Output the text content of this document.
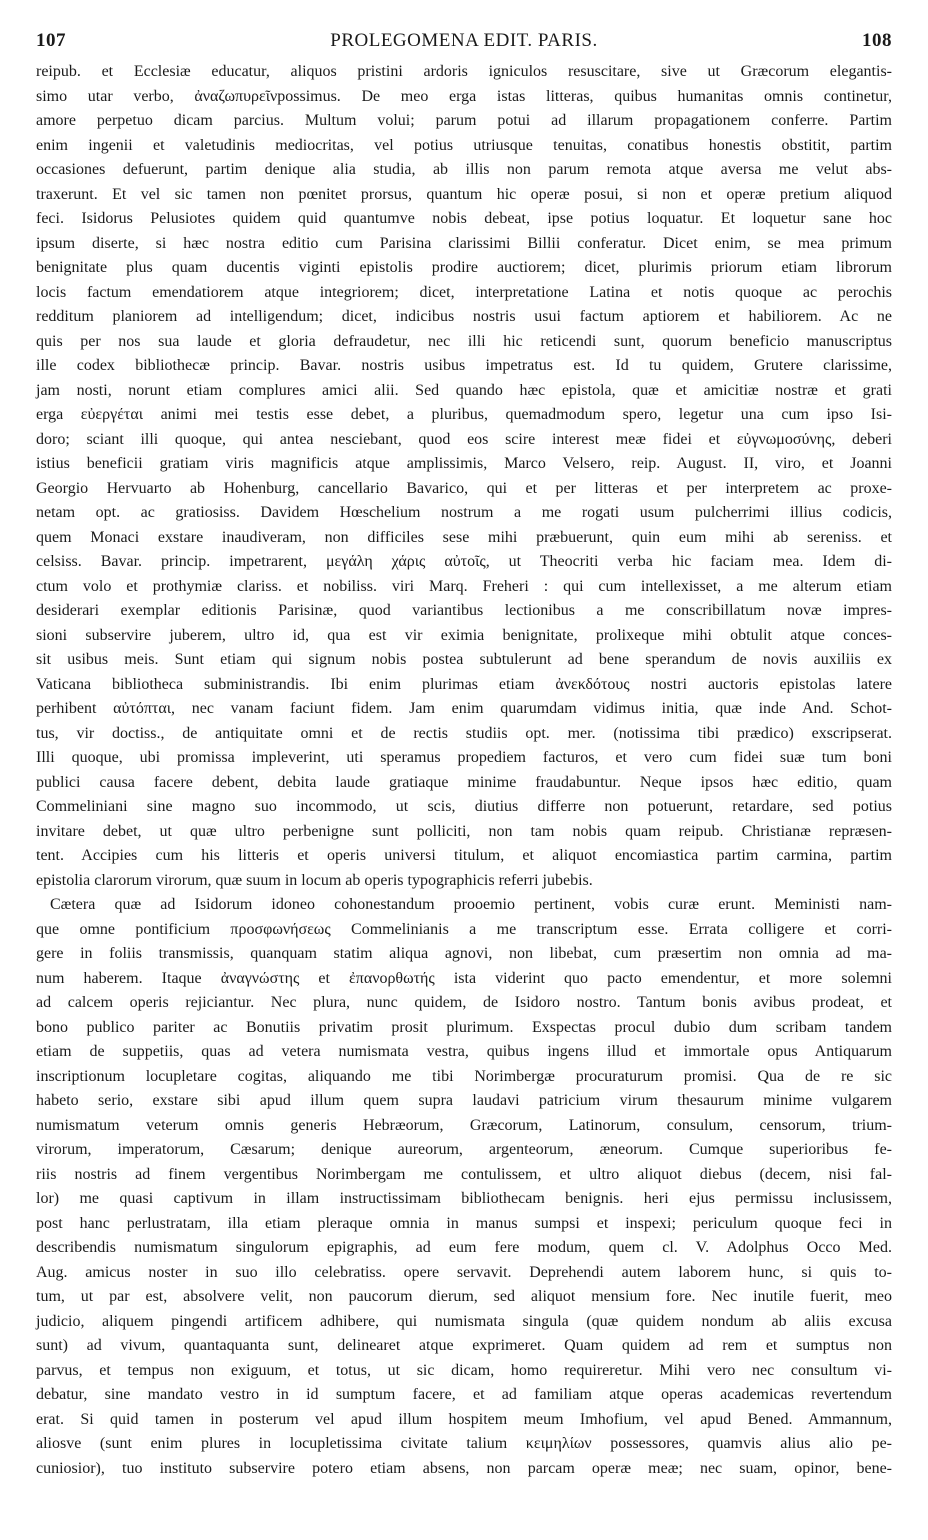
107	PROLEGOMENA EDIT. PARIS.	108
reipub. et Ecclesiæ educatur, aliquos pristini ardoris igniculos resuscitare, sive ut Græcorum elegantis-
simo utar verbo, ἀναζωπυρεῖνpossimus. De meo erga istas litteras, quibus humanitas omnis continetur,
amore perpetuo dicam parcius. Multum volui; parum potui ad illarum propagationem conferre. Partim
enim ingenii et valetudinis mediocritas, vel potius utriusque tenuitas, conatibus honestis obstitit, partim
occasiones defuerunt, partim denique alia studia, ab illis non parum remota atque aversa me velut abs-
traxerunt. Et vel sic tamen non pœnitet prorsus, quantum hic operæ posui, si non et operæ pretium aliquod
feci. Isidorus Pelusiotes quidem quid quantumve nobis debeat, ipse potius loquatur. Et loquetur sane hoc
ipsum diserte, si hæc nostra editio cum Parisina clarissimi Billii conferatur. Dicet enim, se mea primum
benignitate plus quam ducentis viginti epistolis prodire auctiorem; dicet, plurimis priorum etiam librorum
locis factum emendatiorem atque integriorem; dicet, interpretatione Latina et notis quoque ac perochis
redditum planiorem ad intelligendum; dicet, indicibus nostris usui factum aptiorem et habiliorem. Ac ne
quis per nos sua laude et gloria defraudetur, nec illi hic reticendi sunt, quorum beneficio manuscriptus
ille codex bibliothecæ princip. Bavar. nostris usibus impetratus est. Id tu quidem, Grutere clarissime,
jam nosti, norunt etiam complures amici alii. Sed quando hæc epistola, quæ et amicitiæ nostræ et grati
erga εὐεργέται animi mei testis esse debet, a pluribus, quemadmodum spero, legetur una cum ipso Isi-
doro; sciant illi quoque, qui antea nesciebant, quod eos scire interest meæ fidei et εὐγνωμοσύνης, deberi
istius beneficii gratiam viris magnificis atque amplissimis, Marco Velsero, reip. August. II, viro, et Joanni
Georgio Hervuarto ab Hohenburg, cancellario Bavarico, qui et per litteras et per interpretem ac proxe-
netam opt. ac gratiosiss. Davidem Hœschelium nostrum a me rogati usum pulcherrimi illius codicis,
quem Monaci exstare inaudiveram, non difficiles sese mihi præbuerunt, quin eum mihi ab sereniss. et
celsiss. Bavar. princip. impetrarent, μεγάλη χάρις αὐτοῖς, ut Theocriti verba hic faciam mea. Idem di-
ctum volo et prothymiæ clariss. et nobiliss. viri Marq. Freheri : qui cum intellexisset, a me alterum etiam
desiderari exemplar editionis Parisinæ, quod variantibus lectionibus a me conscribillatum novæ impres-
sioni subservire juberem, ultro id, qua est vir eximia benignitate, prolixeque mihi obtulit atque conces-
sit usibus meis. Sunt etiam qui signum nobis postea subtulerunt ad bene sperandum de novis auxiliis ex
Vaticana bibliotheca subministrandis. Ibi enim plurimas etiam ἀνεκδότους nostri auctoris epistolas latere
perhibent αὐτόπται, nec vanam faciunt fidem. Jam enim quarumdam vidimus initia, quæ inde And. Schot-
tus, vir doctiss., de antiquitate omni et de rectis studiis opt. mer. (notissima tibi prædico) exscripserat.
Illi quoque, ubi promissa impleverint, uti speramus propediem facturos, et vero cum fidei suæ tum boni
publici causa facere debent, debita laude gratiaque minime fraudabuntur. Neque ipsos hæc editio, quam
Commeliniani sine magno suo incommodo, ut scis, diutius differre non potuerunt, retardare, sed potius
invitare debet, ut quæ ultro perbenigne sunt polliciti, non tam nobis quam reipub. Christianæ repræsen-
tent. Accipies cum his litteris et operis universi titulum, et aliquot encomiastica partim carmina, partim
epistolia clarorum virorum, quæ suum in locum ab operis typographicis referri jubebis.
Cætera quæ ad Isidorum idoneo cohonestandum prooemio pertinent, vobis curæ erunt. Meministi nam-
que omne pontificium προσφωνήσεως Commelinianis a me transcriptum esse. Errata colligere et corri-
gere in foliis transmissis, quanquam statim aliqua agnovi, non libebat, cum præsertim non omnia ad ma-
num haberem. Itaque ἀναγνώστης et ἐπανορθωτής ista viderint quo pacto emendentur, et more solemni
ad calcem operis rejiciantur. Nec plura, nunc quidem, de Isidoro nostro. Tantum bonis avibus prodeat, et
bono publico pariter ac Bonutiis privatim prosit plurimum. Exspectas procul dubio dum scribam tandem
etiam de suppetiis, quas ad vetera numismata vestra, quibus ingens illud et immortale opus Antiquarum
inscriptionum locupletare cogitas, aliquando me tibi Norimbergæ procuraturum promisi. Qua de re sic
habeto serio, exstare sibi apud illum quem supra laudavi patricium virum thesaurum minime vulgarem
numismatum veterum omnis generis Hebræorum, Græcorum, Latinorum, consulum, censorum, trium-
virorum, imperatorum, Cæsarum; denique aureorum, argenteorum, æneorum. Cumque superioribus fe-
riis nostris ad finem vergentibus Norimbergam me contulissem, et ultro aliquot diebus (decem, nisi fal-
lor) me quasi captivum in illam instructissimam bibliothecam benignis. heri ejus permissu inclusissem,
post hanc perlustratam, illa etiam pleraque omnia in manus sumpsi et inspexi; periculum quoque feci in
describendis numismatum singulorum epigraphis, ad eum fere modum, quem cl. V. Adolphus Occo Med.
Aug. amicus noster in suo illo celebratiss. opere servavit. Deprehendi autem laborem hunc, si quis to-
tum, ut par est, absolvere velit, non paucorum dierum, sed aliquot mensium fore. Nec inutile fuerit, meo
judicio, aliquem pingendi artificem adhibere, qui numismata singula (quæ quidem nondum ab aliis excusa
sunt) ad vivum, quantaquanta sunt, delinearet atque exprimeret. Quam quidem ad rem et sumptus non
parvus, et tempus non exiguum, et totus, ut sic dicam, homo requireretur. Mihi vero nec consultum vi-
debatur, sine mandato vestro in id sumptum facere, et ad familiam atque operas academicas revertendum
erat. Si quid tamen in posterum vel apud illum hospitem meum Imhofium, vel apud Bened. Ammannum,
aliosve (sunt enim plures in locupletissima civitate talium κειμηλίων possessores, quamvis alius alio pe-
cuniosior), tuo instituto subservire potero etiam absens, non parcam operæ meæ; nec suam, opinor, bene-
